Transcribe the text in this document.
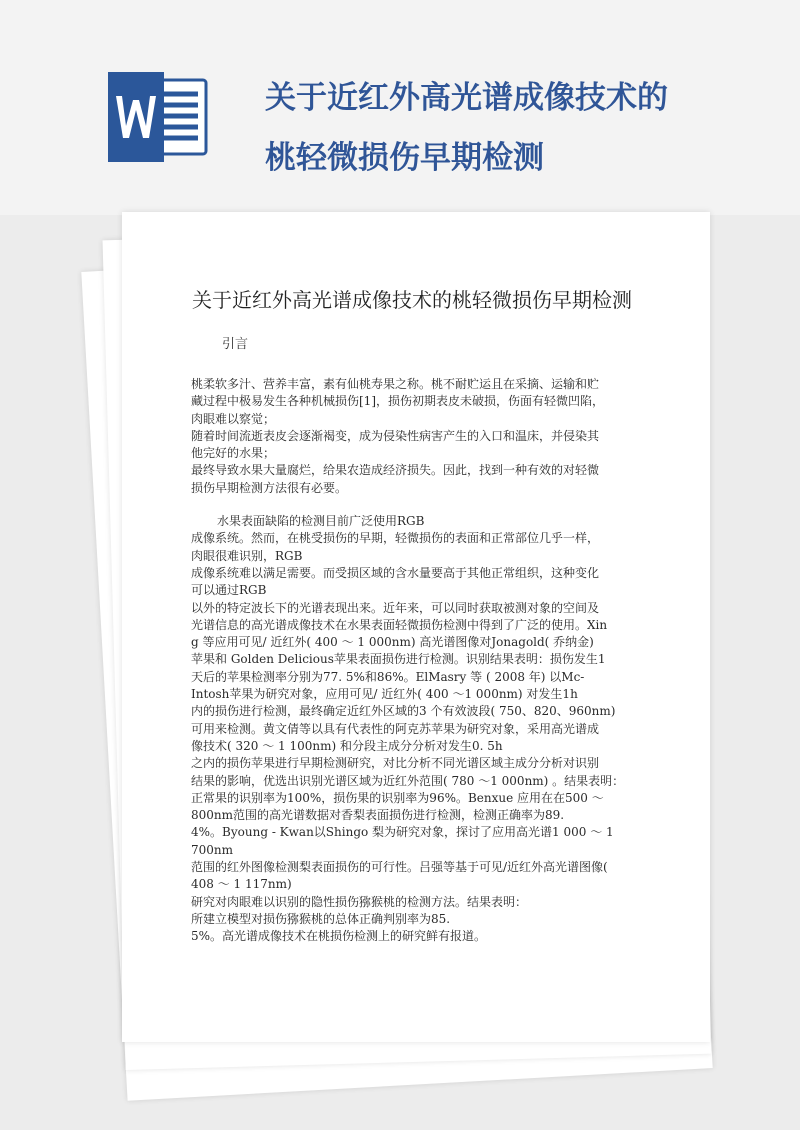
关于近红外高光谱成像技术的
桃轻微损伤早期检测
关于近红外高光谱成像技术的桃轻微损伤早期检测
引言
桃柔软多汁、营养丰富，素有仙桃寿果之称。桃不耐贮运且在采摘、运输和贮
藏过程中极易发生各种机械损伤[1]，损伤初期表皮未破损，伤面有轻微凹陷，
肉眼难以察觉；
随着时间流逝表皮会逐渐褐变，成为侵染性病害产生的入口和温床，并侵染其
他完好的水果；
最终导致水果大量腐烂，给果农造成经济损失。因此，找到一种有效的对轻微
损伤早期检测方法很有必要。
水果表面缺陷的检测目前广泛使用RGB
成像系统。然而，在桃受损伤的早期，轻微损伤的表面和正常部位几乎一样，
肉眼很难识别，RGB
成像系统难以满足需要。而受损区域的含水量要高于其他正常组织，这种变化
可以通过RGB
以外的特定波长下的光谱表现出来。近年来，可以同时获取被测对象的空间及
光谱信息的高光谱成像技术在水果表面轻微损伤检测中得到了广泛的使用。Xin
g 等应用可见/ 近红外( 400 ～ 1 000nm) 高光谱图像对Jonagold( 乔纳金)
苹果和 Golden Delicious苹果表面损伤进行检测。识别结果表明：损伤发生1
天后的苹果检测率分别为77. 5%和86%。ElMasry 等 ( 2008 年) 以Mc-
Intosh苹果为研究对象，应用可见/ 近红外( 400 ～1 000nm) 对发生1h
内的损伤进行检测，最终确定近红外区域的3 个有效波段( 750、820、960nm)
可用来检测。黄文倩等以具有代表性的阿克苏苹果为研究对象，采用高光谱成
像技术( 320 ～ 1 100nm) 和分段主成分分析对发生0. 5h
之内的损伤苹果进行早期检测研究，对比分析不同光谱区域主成分分析对识别
结果的影响，优选出识别光谱区域为近红外范围( 780 ～1 000nm) 。结果表明：
正常果的识别率为100%，损伤果的识别率为96%。Benxue 应用在在500 ～
800nm范围的高光谱数据对香梨表面损伤进行检测，检测正确率为89.
4%。Byoung - Kwan以Shingo 梨为研究对象，探讨了应用高光谱1 000 ～ 1
700nm
范围的红外图像检测梨表面损伤的可行性。吕强等基于可见/近红外高光谱图像(
408 ～ 1 117nm)
研究对肉眼难以识别的隐性损伤猕猴桃的检测方法。结果表明：
所建立模型对损伤猕猴桃的总体正确判别率为85.
5%。高光谱成像技术在桃损伤检测上的研究鲜有报道。
